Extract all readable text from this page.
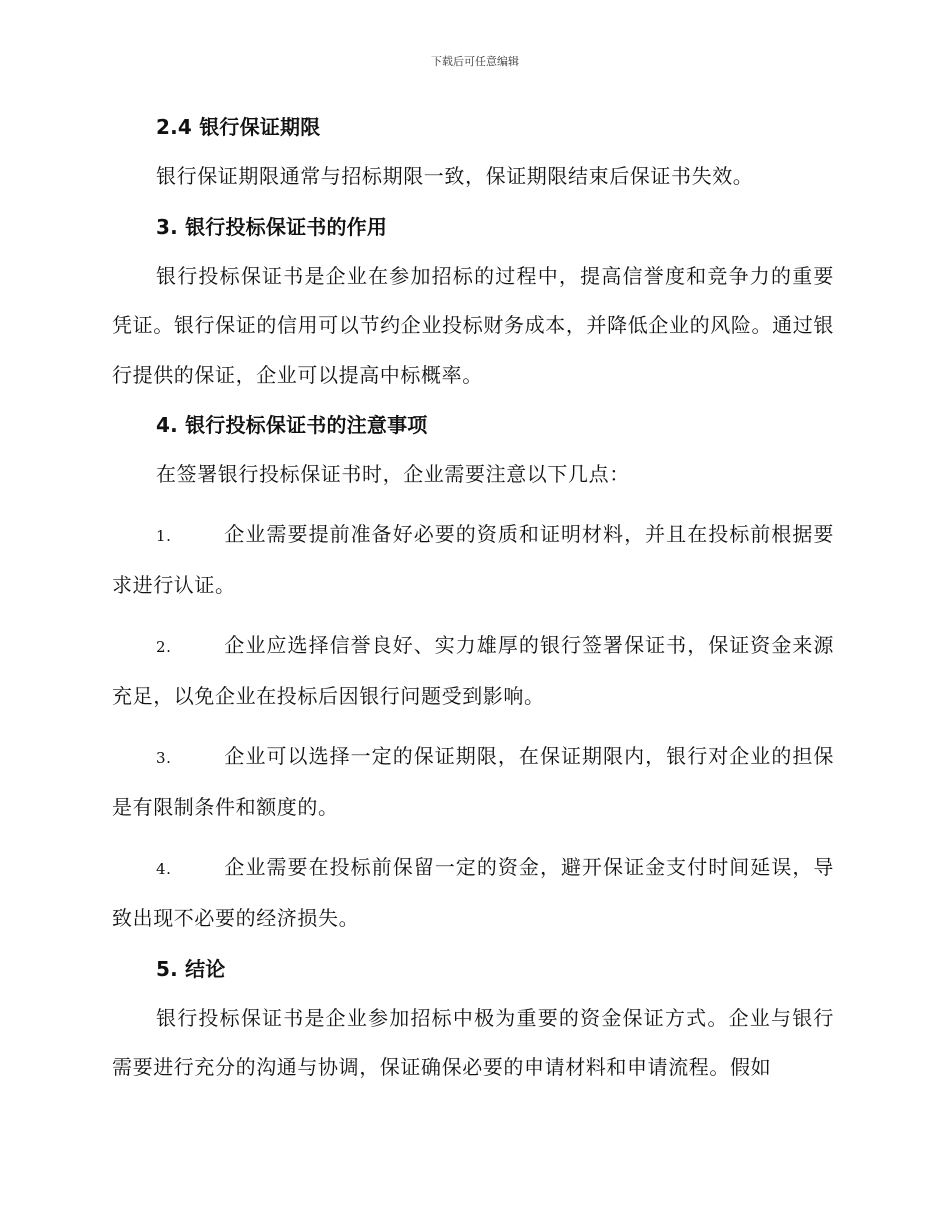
下载后可任意编辑
2.4 银行保证期限

银行保证期限通常与招标期限一致，保证期限结束后保证书失效。

3. 银行投标保证书的作用

银行投标保证书是企业在参加招标的过程中，提高信誉度和竞争力的重要凭证。银行保证的信用可以节约企业投标财务成本，并降低企业的风险。通过银行提供的保证，企业可以提高中标概率。

4. 银行投标保证书的注意事项

在签署银行投标保证书时，企业需要注意以下几点：

1.	企业需要提前准备好必要的资质和证明材料，并且在投标前根据要求进行认证。

2.	企业应选择信誉良好、实力雄厚的银行签署保证书，保证资金来源充足，以免企业在投标后因银行问题受到影响。

3.	企业可以选择一定的保证期限，在保证期限内，银行对企业的担保是有限制条件和额度的。

4.	企业需要在投标前保留一定的资金，避开保证金支付时间延误，导致出现不必要的经济损失。

5. 结论

银行投标保证书是企业参加招标中极为重要的资金保证方式。企业与银行需要进行充分的沟通与协调，保证确保必要的申请材料和申请流程。假如
